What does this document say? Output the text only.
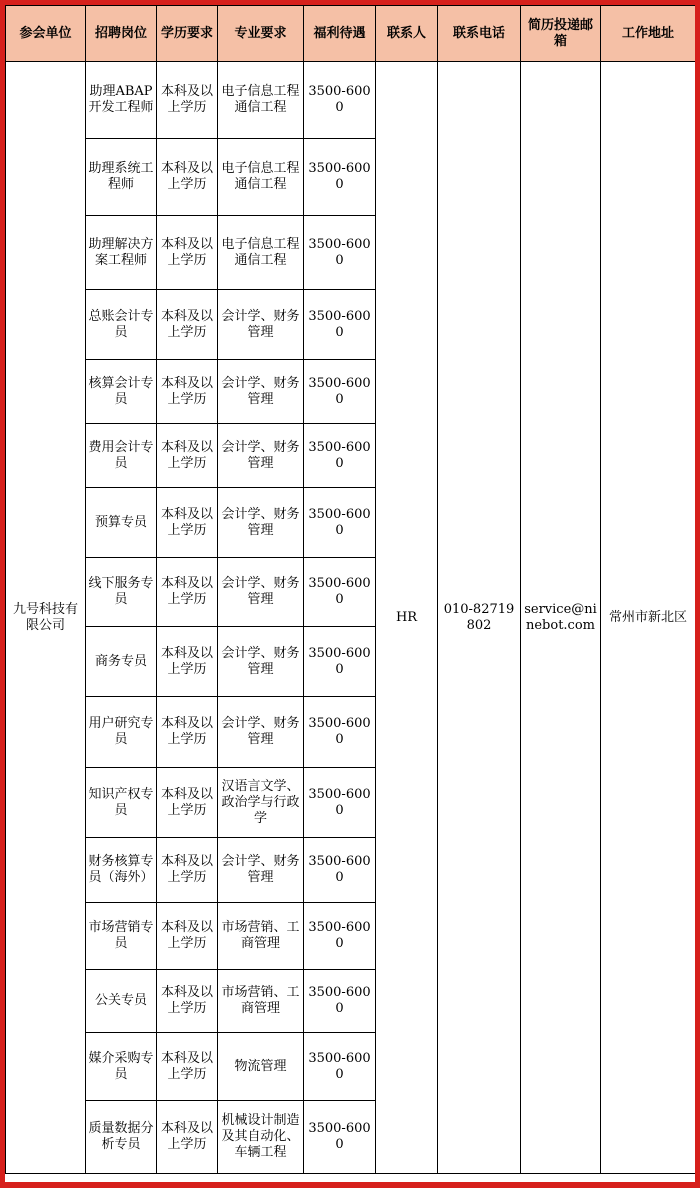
参会单位	招聘岗位	学历要求	专业要求	福利待遇	联系人	联系电话	简历投递邮箱	工作地址
九号科技有限公司	助理ABAP开发工程师	本科及以上学历	电子信息工程通信工程	3500-6000	HR	010-82719802	service@ninebot.com	常州市新北区
	助理系统工程师	本科及以上学历	电子信息工程通信工程	3500-6000				
	助理解决方案工程师	本科及以上学历	电子信息工程通信工程	3500-6000				
	总账会计专员	本科及以上学历	会计学、财务管理	3500-6000				
	核算会计专员	本科及以上学历	会计学、财务管理	3500-6000				
	费用会计专员	本科及以上学历	会计学、财务管理	3500-6000				
	预算专员	本科及以上学历	会计学、财务管理	3500-6000				
	线下服务专员	本科及以上学历	会计学、财务管理	3500-6000				
	商务专员	本科及以上学历	会计学、财务管理	3500-6000				
	用户研究专员	本科及以上学历	会计学、财务管理	3500-6000				
	知识产权专员	本科及以上学历	汉语言文学、政治学与行政学	3500-6000				
	财务核算专员（海外）	本科及以上学历	会计学、财务管理	3500-6000				
	市场营销专员	本科及以上学历	市场营销、工商管理	3500-6000				
	公关专员	本科及以上学历	市场营销、工商管理	3500-6000				
	媒介采购专员	本科及以上学历	物流管理	3500-6000				
	质量数据分析专员	本科及以上学历	机械设计制造及其自动化、车辆工程	3500-6000				
